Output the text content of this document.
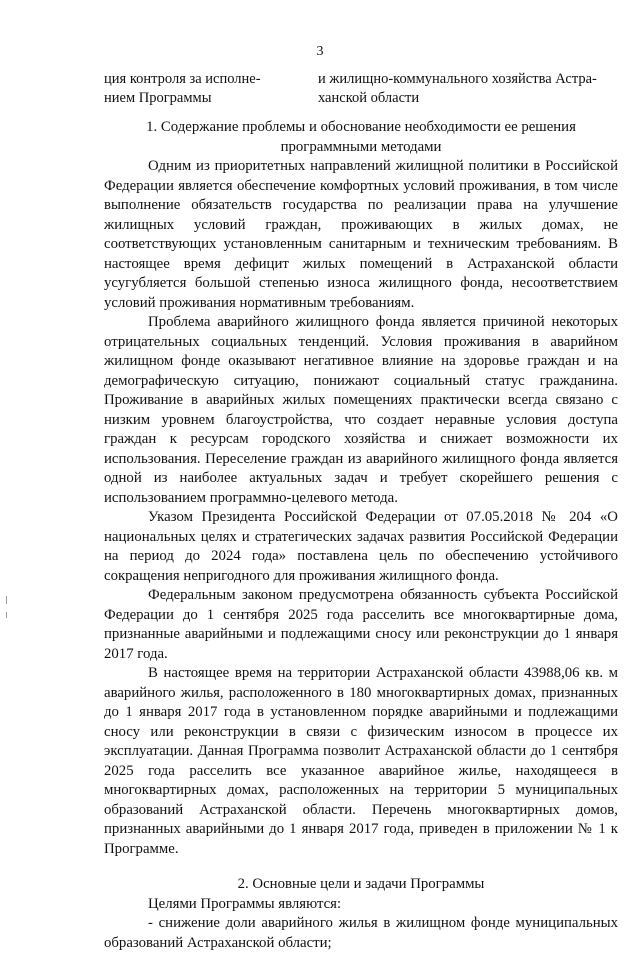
3
ция контроля за исполне-
нием Программы
и жилищно-коммунального хозяйства Астра-
ханской области

1. Содержание проблемы и обоснование необходимости ее решения программными методами

Одним из приоритетных направлений жилищной политики в Российской Федерации является обеспечение комфортных условий проживания, в том числе выполнение обязательств государства по реализации права на улучшение жилищных условий граждан, проживающих в жилых домах, не соответствующих установленным санитарным и техническим требованиям. В настоящее время дефицит жилых помещений в Астраханской области усугубляется большой степенью износа жилищного фонда, несоответствием условий проживания нормативным требованиям.

Проблема аварийного жилищного фонда является причиной некоторых отрицательных социальных тенденций. Условия проживания в аварийном жилищном фонде оказывают негативное влияние на здоровье граждан и на демографическую ситуацию, понижают социальный статус гражданина. Проживание в аварийных жилых помещениях практически всегда связано с низким уровнем благоустройства, что создает неравные условия доступа граждан к ресурсам городского хозяйства и снижает возможности их использования. Переселение граждан из аварийного жилищного фонда является одной из наиболее актуальных задач и требует скорейшего решения с использованием программно-целевого метода.

Указом Президента Российской Федерации от 07.05.2018 № 204 «О национальных целях и стратегических задачах развития Российской Федерации на период до 2024 года» поставлена цель по обеспечению устойчивого сокращения непригодного для проживания жилищного фонда.

Федеральным законом предусмотрена обязанность субъекта Российской Федерации до 1 сентября 2025 года расселить все многоквартирные дома, признанные аварийными и подлежащими сносу или реконструкции до 1 января 2017 года.

В настоящее время на территории Астраханской области 43988,06 кв. м аварийного жилья, расположенного в 180 многоквартирных домах, признанных до 1 января 2017 года в установленном порядке аварийными и подлежащими сносу или реконструкции в связи с физическим износом в процессе их эксплуатации. Данная Программа позволит Астраханской области до 1 сентября 2025 года расселить все указанное аварийное жилье, находящееся в многоквартирных домах, расположенных на территории 5 муниципальных образований Астраханской области. Перечень многоквартирных домов, признанных аварийными до 1 января 2017 года, приведен в приложении № 1 к Программе.

2. Основные цели и задачи Программы

Целями Программы являются:

- снижение доли аварийного жилья в жилищном фонде муниципальных образований Астраханской области;
